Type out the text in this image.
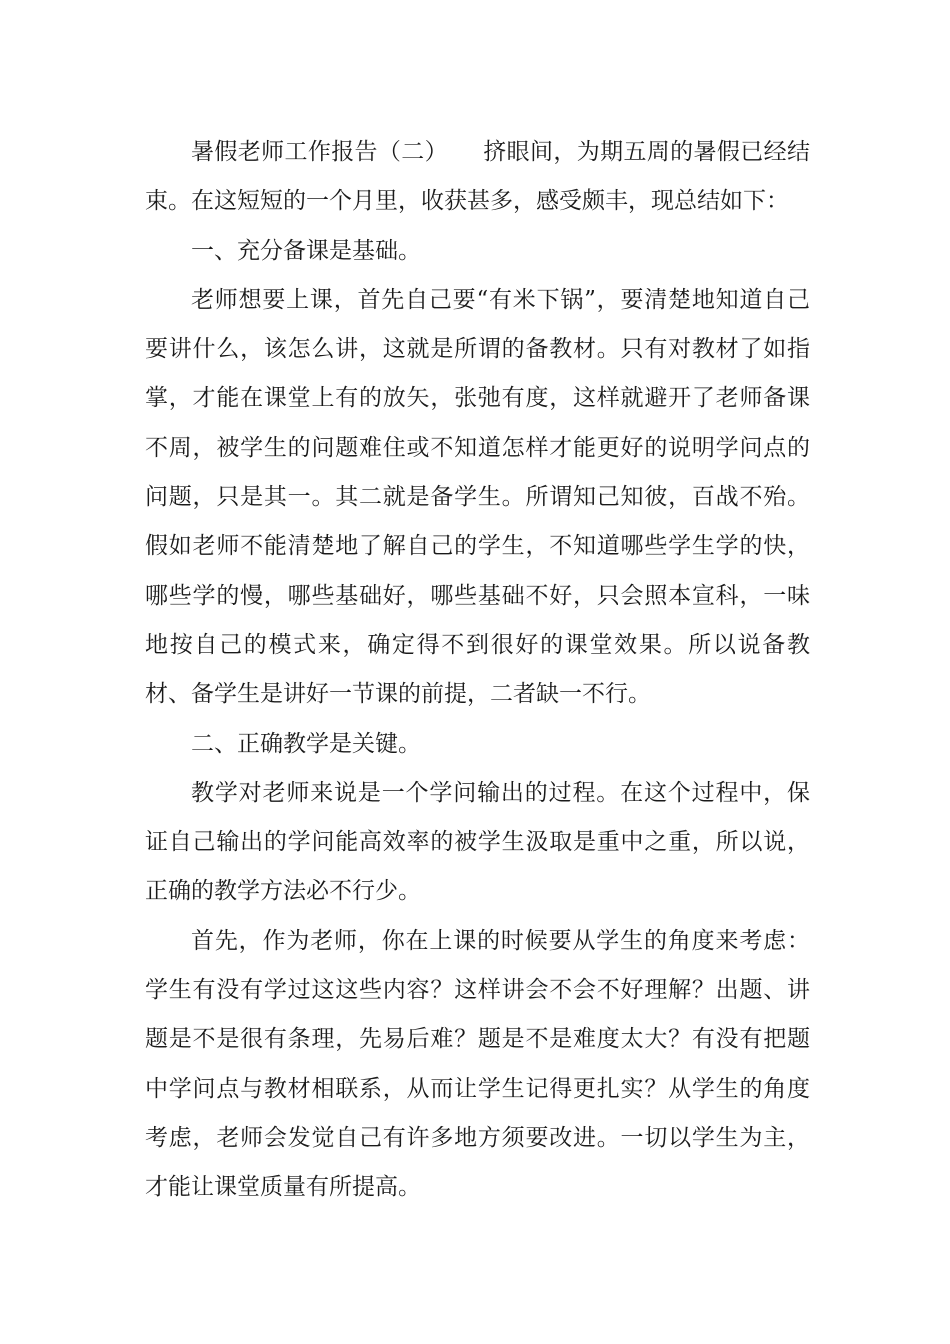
暑假老师工作报告（二）　　挤眼间，为期五周的暑假已经结束。在这短短的一个月里，收获甚多，感受颇丰，现总结如下：

一、充分备课是基础。

老师想要上课，首先自己要“有米下锅”，要清楚地知道自己要讲什么，该怎么讲，这就是所谓的备教材。只有对教材了如指掌，才能在课堂上有的放矢，张弛有度，这样就避开了老师备课不周，被学生的问题难住或不知道怎样才能更好的说明学问点的问题，只是其一。其二就是备学生。所谓知己知彼，百战不殆。假如老师不能清楚地了解自己的学生，不知道哪些学生学的快，哪些学的慢，哪些基础好，哪些基础不好，只会照本宣科，一味地按自己的模式来，确定得不到很好的课堂效果。所以说备教材、备学生是讲好一节课的前提，二者缺一不行。

二、正确教学是关键。

教学对老师来说是一个学问输出的过程。在这个过程中，保证自己输出的学问能高效率的被学生汲取是重中之重，所以说，正确的教学方法必不行少。

首先，作为老师，你在上课的时候要从学生的角度来考虑：学生有没有学过这这些内容？这样讲会不会不好理解？出题、讲题是不是很有条理，先易后难？题是不是难度太大？有没有把题中学问点与教材相联系，从而让学生记得更扎实？从学生的角度考虑，老师会发觉自己有许多地方须要改进。一切以学生为主，才能让课堂质量有所提高。
